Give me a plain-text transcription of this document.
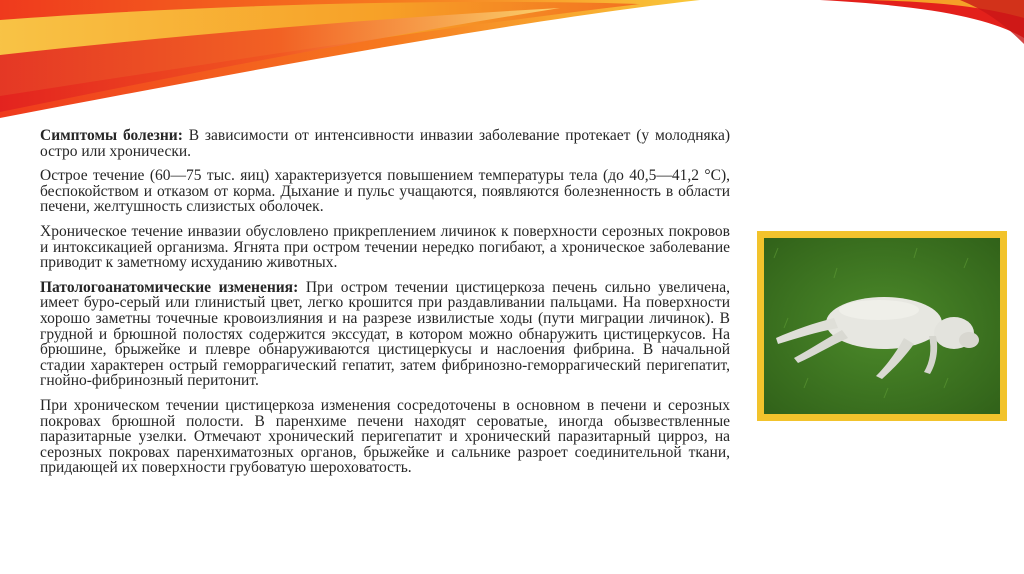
Симптомы болезни: В зависимости от интенсивности инвазии заболевание протекает (у молодняка) остро или хронически.

Острое течение (60—75 тыс. яиц) характеризуется повышением температуры тела (до 40,5—41,2 °С), беспокойством и отказом от корма. Дыхание и пульс учащаются, появляются болезненность в области печени, желтушность слизистых оболочек.

Хроническое течение инвазии обусловлено прикреплением личинок к поверхности серозных покровов и интоксикацией организма. Ягнята при остром течении нередко погибают, а хроническое заболевание приводит к заметному исхуданию животных.

Патологоанатомические изменения: При остром течении цистицеркоза печень сильно увеличена, имеет буро-серый или глинистый цвет, легко крошится при раздавливании пальцами. На поверхности хорошо заметны точечные кровоизлияния и на разрезе извилистые ходы (пути миграции личинок). В грудной и брюшной полостях содержится эксcудат, в котором можно обнаружить цистицеркусов. На брюшине, брыжейке и плевре обнаруживаются цистицеркусы и наслоения фибрина. В начальной стадии характерен острый геморрагический гепатит, затем фибринозно-геморрагический перигепатит, гнойно-фибринозный перитонит.

При хроническом течении цистицеркоза изменения сосредоточены в основном в печени и серозных покровах брюшной полости. В паренхиме печени находят сероватые, иногда обызвествленные паразитарные узелки. Отмечают хронический перигепатит и хронический паразитарный цирроз, на серозных покровах паренхиматозных органов, брыжейке и сальнике разроет соединительной ткани, придающей их поверхности грубоватую шероховатость.
